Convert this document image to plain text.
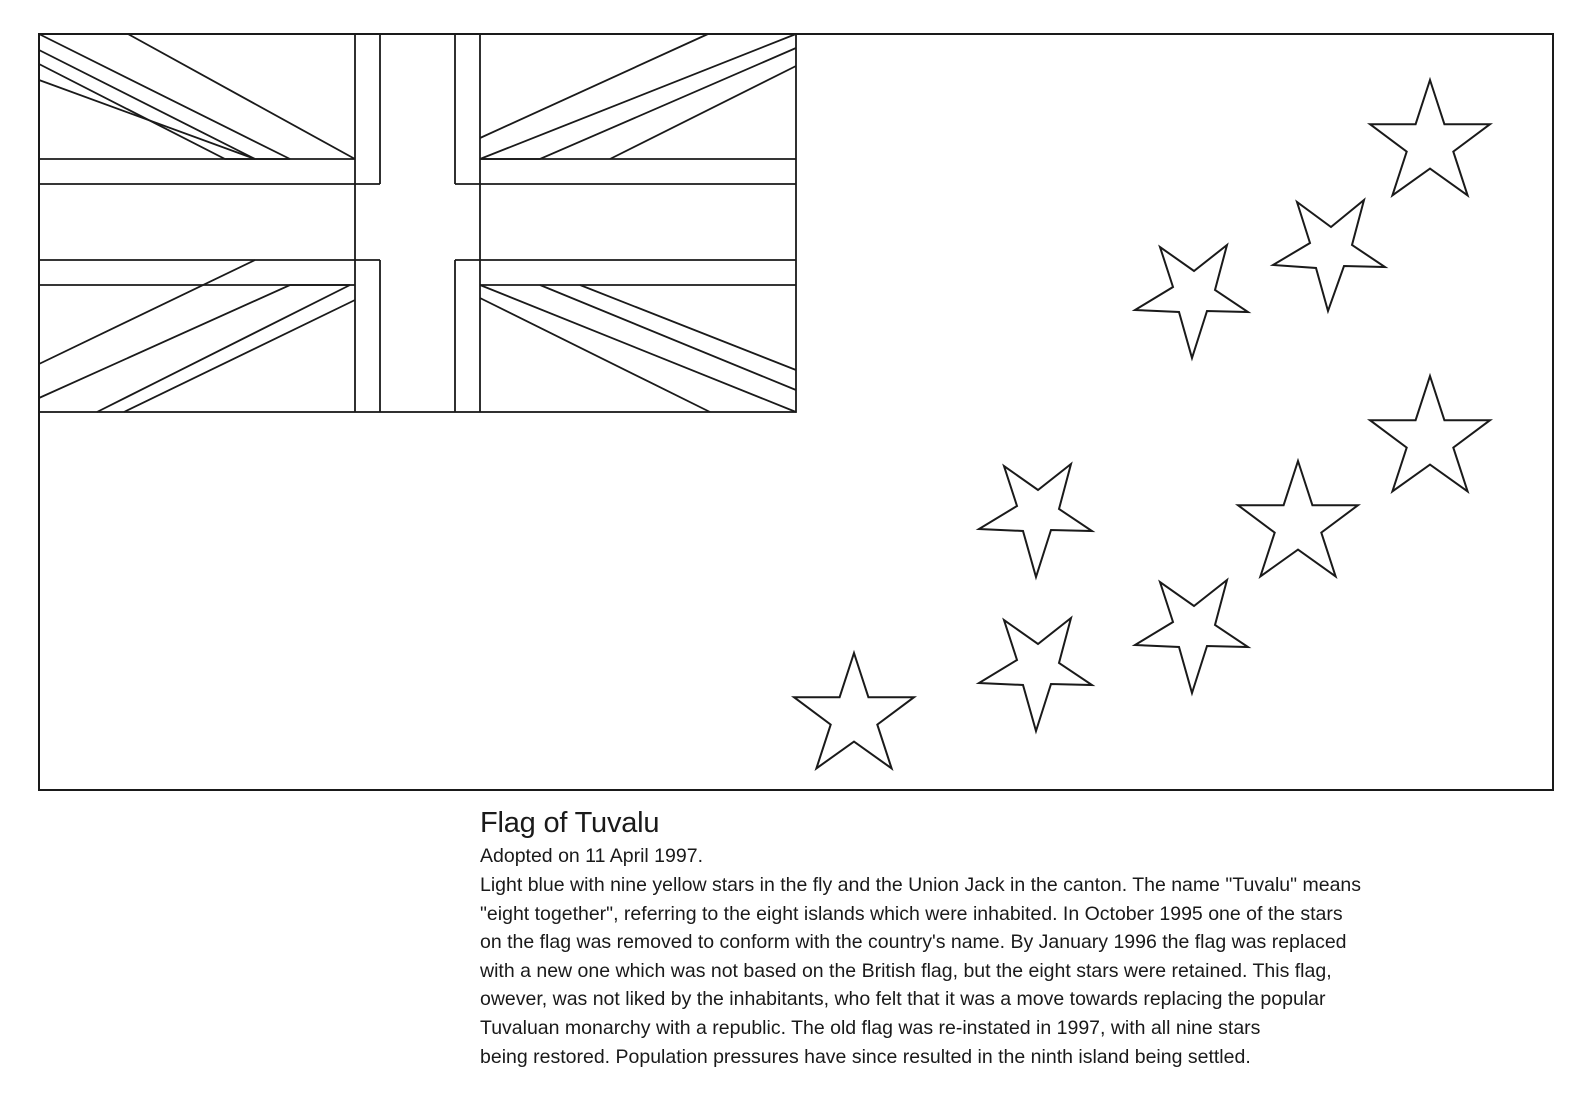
Flag of Tuvalu

Adopted on 11 April 1997.

Light blue with nine yellow stars in the fly and the Union Jack in the canton. The name "Tuvalu" means

"eight together", referring to the eight islands which were inhabited. In October 1995 one of the stars

on the flag was removed to conform with the country's name. By January 1996 the flag was replaced

with a new one which was not based on the British flag, but the eight stars were retained. This flag,

owever, was not liked by the inhabitants, who felt that it was a move towards replacing the popular

Tuvaluan monarchy with a republic. The old flag was re-instated in 1997, with all nine stars

being restored. Population pressures have since resulted in the ninth island being settled.
